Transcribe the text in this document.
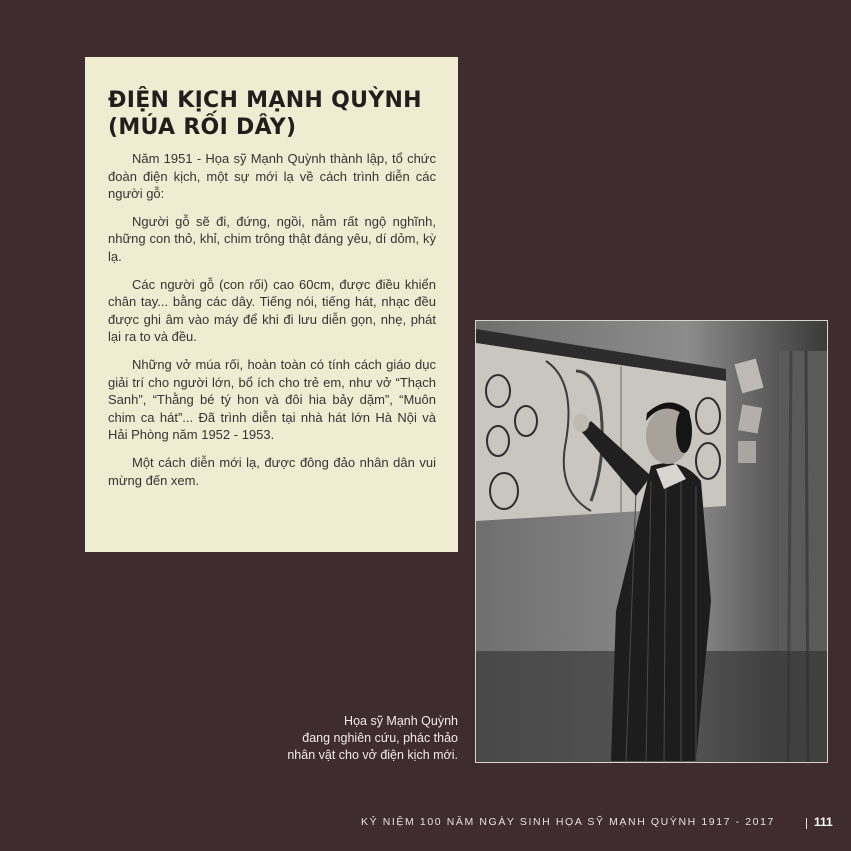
ĐIỆN KỊCH MẠNH QUỲNH
(MÚA RỐI DÂY)

Năm 1951 - Họa sỹ Mạnh Quỳnh thành lập, tổ chức đoàn điện kịch, một sự mới lạ về cách trình diễn các người gỗ:

Người gỗ sẽ đi, đứng, ngồi, nằm rất ngộ nghĩnh, những con thỏ, khỉ, chim trông thật đáng yêu, dí dỏm, kỳ lạ.

Các người gỗ (con rối) cao 60cm, được điều khiển chân tay... bằng các dây. Tiếng nói, tiếng hát, nhạc đều được ghi âm vào máy để khi đi lưu diễn gọn, nhẹ, phát lại ra to và đều.

Những vở múa rối, hoàn toàn có tính cách giáo dục giải trí cho người lớn, bổ ích cho trẻ em, như vở “Thạch Sanh”, “Thằng bé tý hon và đôi hia bảy dặm”, “Muôn chim ca hát”... Đã trình diễn tại nhà hát lớn Hà Nội và Hải Phòng năm 1952 - 1953.

Một cách diễn mới lạ, được đông đảo nhân dân vui mừng đến xem.

Họa sỹ Mạnh Quỳnh
đang nghiên cứu, phác thảo
nhân vật cho vở điện kịch mới.
KỶ NIỆM 100 NĂM NGÀY SINH HỌA SỸ MẠNH QUỲNH 1917 - 2017	111
